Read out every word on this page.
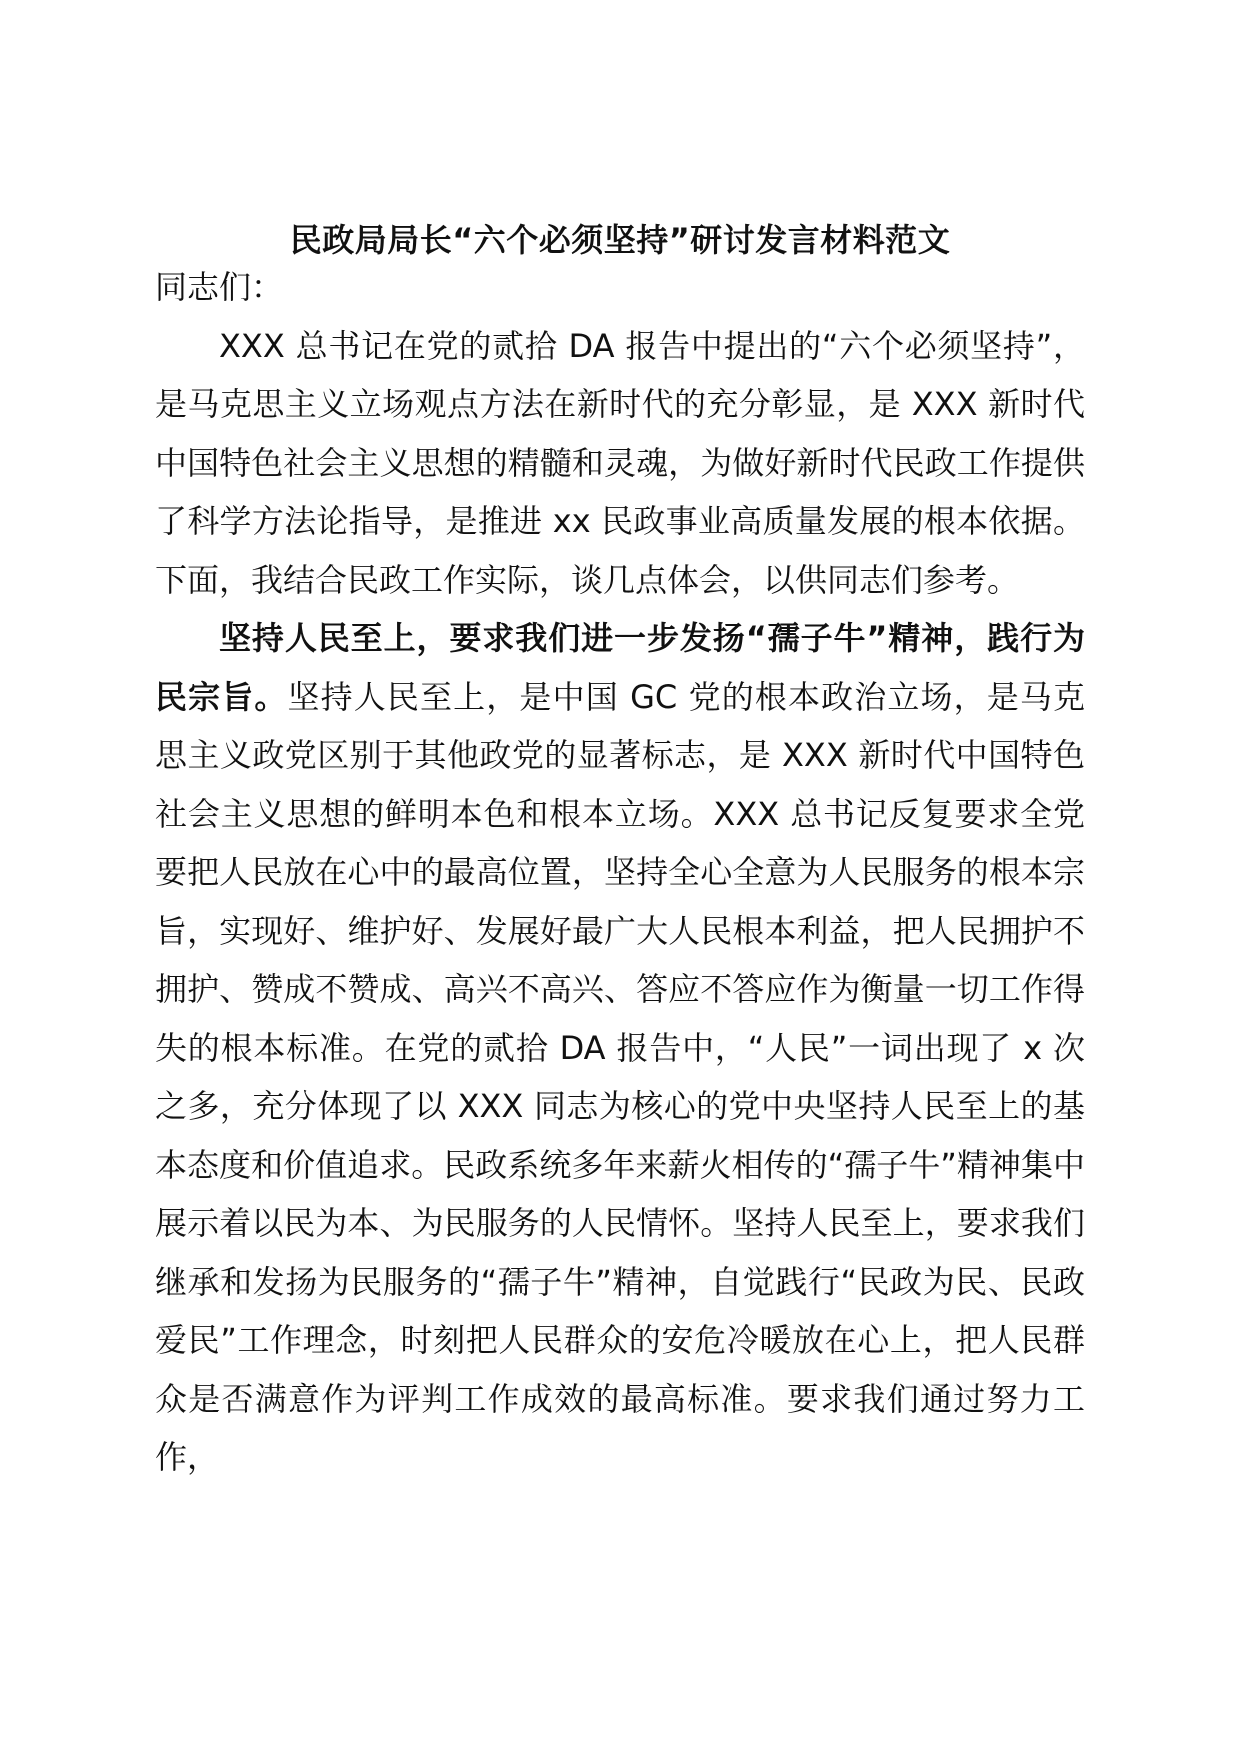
民政局局长“六个必须坚持”研讨发言材料范文

同志们：

XXX 总书记在党的贰拾 DA 报告中提出的“六个必须坚持”，是马克思主义立场观点方法在新时代的充分彰显，是 XXX 新时代中国特色社会主义思想的精髓和灵魂，为做好新时代民政工作提供了科学方法论指导，是推进 xx 民政事业高质量发展的根本依据。下面，我结合民政工作实际，谈几点体会，以供同志们参考。

坚持人民至上，要求我们进一步发扬“孺子牛”精神，践行为民宗旨。坚持人民至上，是中国 GC 党的根本政治立场，是马克思主义政党区别于其他政党的显著标志，是 XXX 新时代中国特色社会主义思想的鲜明本色和根本立场。XXX 总书记反复要求全党要把人民放在心中的最高位置，坚持全心全意为人民服务的根本宗旨，实现好、维护好、发展好最广大人民根本利益，把人民拥护不拥护、赞成不赞成、高兴不高兴、答应不答应作为衡量一切工作得失的根本标准。在党的贰拾 DA 报告中，“人民”一词出现了 x 次之多，充分体现了以 XXX 同志为核心的党中央坚持人民至上的基本态度和价值追求。民政系统多年来薪火相传的“孺子牛”精神集中展示着以民为本、为民服务的人民情怀。坚持人民至上，要求我们继承和发扬为民服务的“孺子牛”精神，自觉践行“民政为民、民政爱民”工作理念，时刻把人民群众的安危冷暖放在心上，把人民群众是否满意作为评判工作成效的最高标准。要求我们通过努力工作，
